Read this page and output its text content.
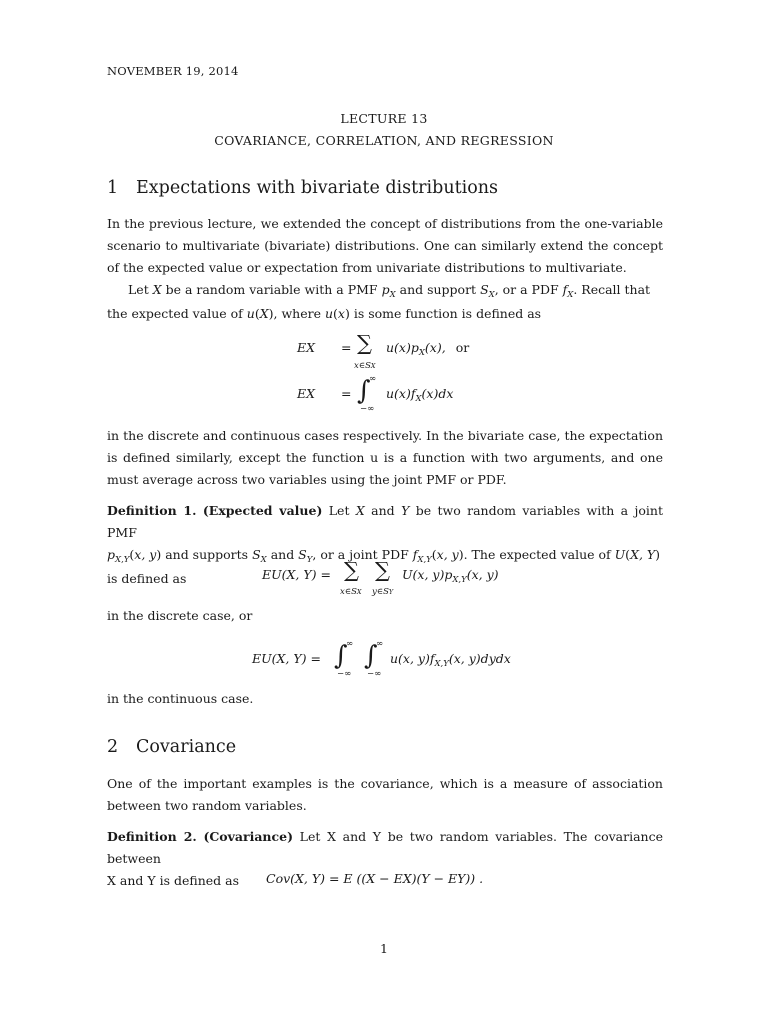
NOVEMBER 19, 2014
LECTURE 13
COVARIANCE, CORRELATION, AND REGRESSION
1 Expectations with bivariate distributions
In the previous lecture, we extended the concept of distributions from the one-variable scenario to multivariate (bivariate) distributions. One can similarly extend the concept of the expected value or expectation from univariate distributions to multivariate.
Let X be a random variable with a PMF $p_X$ and support $S_X$, or a PDF $f_X$. Recall that
the expected value of u(X), where u(x) is some function is defined as
EX = ∑
x∈SX
$u(x)p_X(x)$, or
EX = ∫
∞
−∞
$u(x)f_X(x)dx$
in the discrete and continuous cases respectively. In the bivariate case, the expectation is defined similarly, except the function u is a function with two arguments, and one must average across two variables using the joint PMF or PDF.
Definition 1. (Expected value) Let X and Y be two random variables with a joint PMF
$p_{X,Y}(x$, y) and supports $S_X$ and $S_Y$, or a joint PDF $f_{X,Y}(x$, y). The expected value of U(X, Y)
is defined as	EU(X, Y) = ∑ ∑
x∈SX y∈SY
U(x, $y)p_{X,Y}(x$, y)
in the discrete case, or
EU(X, Y) = ∫
∞
−∞
∫
∞
−∞
u(x, $y)f_{X,Y}(x$, y)dydx
in the continuous case.
2 Covariance
One of the important examples is the covariance, which is a measure of association between two random variables.
Definition 2. (Covariance) Let X and Y be two random variables. The covariance between
X and Y is defined as	Cov(X, Y) = E ((X − EX)(Y − EY)) .
1
